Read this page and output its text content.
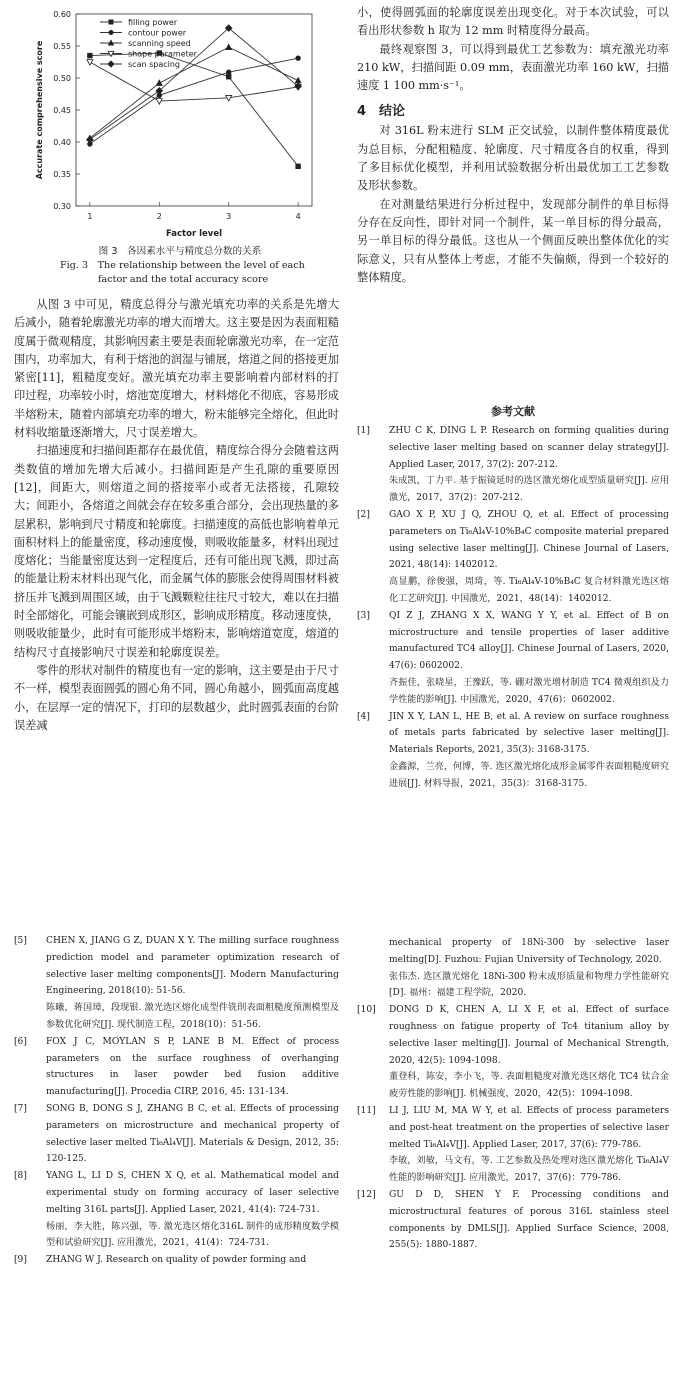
0.30
0.35
0.40
0.45
0.50
0.55
0.60
1	2	3	4
Factor level
Accurate comprehensive score
filling power
contour power
scanning speed
shape parameter
scan spacing
图 3　各因素水平与精度总分数的关系
Fig. 3　The relationship between the level of each
factor and the total accuracy score

从图 3 中可见，精度总得分与激光填充功率的关系是先增大后减小，随着轮廓激光功率的增大而增大。这主要是因为表面粗糙度属于微观精度，其影响因素主要是表面轮廓激光功率，在一定范围内，功率加大，有利于熔池的润湿与铺展，熔道之间的搭接更加紧密[11]，粗糙度变好。激光填充功率主要影响着内部材料的打印过程，功率较小时，熔池宽度增大，材料熔化不彻底，容易形成半熔粉末，随着内部填充功率的增大，粉末能够完全熔化，但此时材料收缩量逐渐增大，尺寸误差增大。

扫描速度和扫描间距都存在最优值，精度综合得分会随着这两类数值的增加先增大后减小。扫描间距是产生孔隙的重要原因[12]，间距大，则熔道之间的搭接率小或者无法搭接，孔隙较大；间距小，各熔道之间就会存在较多重合部分，会出现热量的多层累积，影响到尺寸精度和轮廓度。扫描速度的高低也影响着单元面积材料上的能量密度，移动速度慢，则吸收能量多，材料出现过度熔化；当能量密度达到一定程度后，还有可能出现飞溅，即过高的能量让粉末材料出现气化，而金属气体的膨胀会使得周围材料被挤压并飞溅到周围区域，由于飞溅颗粒往往尺寸较大，难以在扫描时全部熔化，可能会镶嵌到成形区，影响成形精度。移动速度快，则吸收能量少，此时有可能形成半熔粉末，影响熔道宽度，熔道的结构尺寸直接影响尺寸误差和轮廓度误差。

零件的形状对制件的精度也有一定的影响，这主要是由于尺寸不一样，模型表面圆弧的圆心角不同，圆心角越小，圆弧面高度越小，在层厚一定的情况下，打印的层数越少，此时圆弧表面的台阶误差减

小，使得圆弧面的轮廓度误差出现变化。对于本次试验，可以看出形状参数 h 取为 12 mm 时精度得分最高。

最终观察图 3，可以得到最优工艺参数为：填充激光功率 210 kW，扫描间距 0.09 mm，表面激光功率 160 kW，扫描速度 1 100 mm·s⁻¹。

4　结论

对 316L 粉末进行 SLM 正交试验，以制件整体精度最优为总目标，分配粗糙度、轮廓度、尺寸精度各自的权重，得到了多目标优化模型，并利用试验数据分析出最优加工工艺参数及形状参数。

在对测量结果进行分析过程中，发现部分制件的单目标得分存在反向性，即针对同一个制件，某一单目标的得分最高，另一单目标的得分最低。这也从一个侧面反映出整体优化的实际意义，只有从整体上考虑，才能不失偏颇，得到一个较好的整体精度。

参考文献
[1] ZHU C K, DING L P. Research on forming qualities during selective laser melting based on scanner delay strategy[J]. Applied Laser, 2017, 37(2): 207-212.
朱成凯，丁力平. 基于振镜延时的选区激光熔化成型质量研究[J]. 应用激光，2017，37(2)：207-212.
[2] GAO X P, XU J Q, ZHOU Q, et al. Effect of processing parameters on Ti₆Al₄V-10%B₄C composite material prepared using selective laser melting[J]. Chinese Journal of Lasers, 2021, 48(14): 1402012.
高显鹏，徐俊强，周琦，等. Ti₆Al₄V-10%B₄C 复合材料激光选区熔化工艺研究[J]. 中国激光，2021，48(14)：1402012.
[3] QI Z J, ZHANG X X, WANG Y Y, et al. Effect of B on microstructure and tensile properties of laser additive manufactured TC4 alloy[J]. Chinese Journal of Lasers, 2020, 47(6): 0602002.
齐振佳，张晓星，王豫跃，等. 硼对激光增材制造 TC4 微观组织及力学性能的影响[J]. 中国激光，2020，47(6)：0602002.
[4] JIN X Y, LAN L, HE B, et al. A review on surface roughness of metals parts fabricated by selective laser melting[J]. Materials Reports, 2021, 35(3): 3168-3175.
金鑫源，兰亮，何博，等. 选区激光熔化成形金属零件表面粗糙度研究进展[J]. 材料导报，2021，35(3)：3168-3175.
[5] CHEN X, JIANG G Z, DUAN X Y. The milling surface roughness prediction model and parameter optimization research of selective laser melting components[J]. Modern Manufacturing Engineering, 2018(10): 51-56.
陈曦，蒋国璋，段现银. 激光选区熔化成型件铣削表面粗糙度预测模型及参数优化研究[J]. 现代制造工程，2018(10)：51-56.
[6] FOX J C, MOYLAN S P, LANE B M. Effect of process parameters on the surface roughness of overhanging structures in laser powder bed fusion additive manufacturing[J]. Procedia CIRP, 2016, 45: 131-134.
[7] SONG B, DONG S J, ZHANG B C, et al. Effects of processing parameters on microstructure and mechanical property of selective laser melted Ti₆Al₄V[J]. Materials & Design, 2012, 35: 120-125.
[8] YANG L, LI D S, CHEN X Q, et al. Mathematical model and experimental study on forming accuracy of laser selective melting 316L parts[J]. Applied Laser, 2021, 41(4): 724-731.
杨丽，李大胜，陈兴强，等. 激光选区熔化316L 制件的成形精度数学模型和试验研究[J]. 应用激光，2021，41(4)：724-731.
[9] ZHANG W J. Research on quality of powder forming and
mechanical property of 18Ni-300 by selective laser melting[D]. Fuzhou: Fujian University of Technology, 2020.
张伟杰. 选区激光熔化 18Ni-300 粉末成形质量和物理力学性能研究[D]. 福州：福建工程学院，2020.
[10] DONG D K, CHEN A, LI X F, et al. Effect of surface roughness on fatigue property of Tc4 titanium alloy by selective laser melting[J]. Journal of Mechanical Strength, 2020, 42(5): 1094-1098.
董登科，陈安，李小飞，等. 表面粗糙度对激光选区熔化 TC4 钛合金疲劳性能的影响[J]. 机械强度，2020，42(5)：1094-1098.
[11] LI J, LIU M, MA W Y, et al. Effects of process parameters and post-heat treatment on the properties of selective laser melted Ti₆Al₄V[J]. Applied Laser, 2017, 37(6): 779-786.
李敏，刘敏，马文有，等. 工艺参数及热处理对选区激光熔化 Ti₆Al₄V 性能的影响研究[J]. 应用激光，2017，37(6)：779-786.
[12] GU D D, SHEN Y F. Processing conditions and microstructural features of porous 316L stainless steel components by DMLS[J]. Applied Surface Science, 2008, 255(5): 1880-1887.
